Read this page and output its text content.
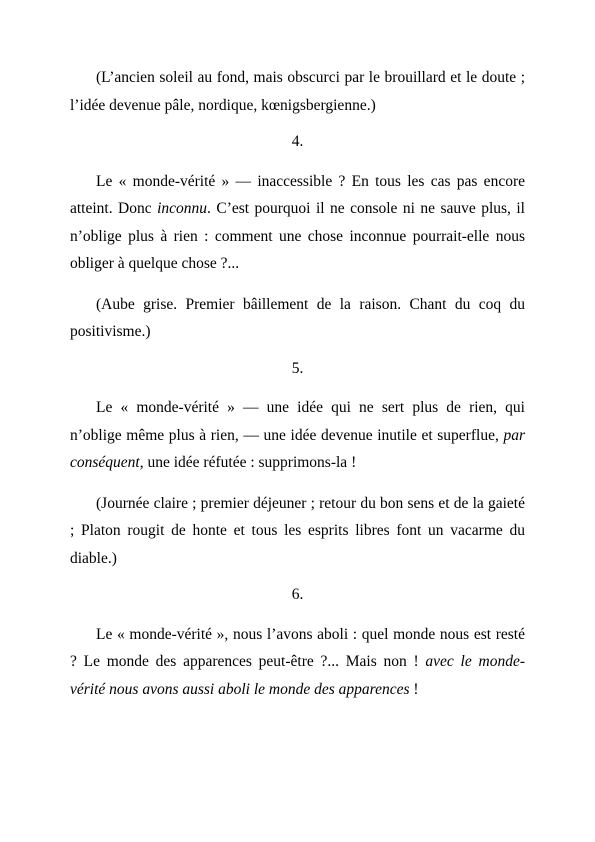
(L’ancien soleil au fond, mais obscurci par le brouillard et le doute ; l’idée devenue pâle, nordique, kœnigsbergienne.)

4.

Le « monde-vérité » — inaccessible ? En tous les cas pas encore atteint. Donc inconnu. C’est pourquoi il ne console ni ne sauve plus, il n’oblige plus à rien : comment une chose inconnue pourrait-elle nous obliger à quelque chose ?...

(Aube grise. Premier bâillement de la raison. Chant du coq du positivisme.)

5.

Le « monde-vérité » — une idée qui ne sert plus de rien, qui n’oblige même plus à rien, — une idée devenue inutile et superflue, par conséquent, une idée réfutée : supprimons-la !

(Journée claire ; premier déjeuner ; retour du bon sens et de la gaieté ; Platon rougit de honte et tous les esprits libres font un vacarme du diable.)

6.

Le « monde-vérité », nous l’avons aboli : quel monde nous est resté ? Le monde des apparences peut-être ?... Mais non ! avec le monde-vérité nous avons aussi aboli le monde des apparences !
